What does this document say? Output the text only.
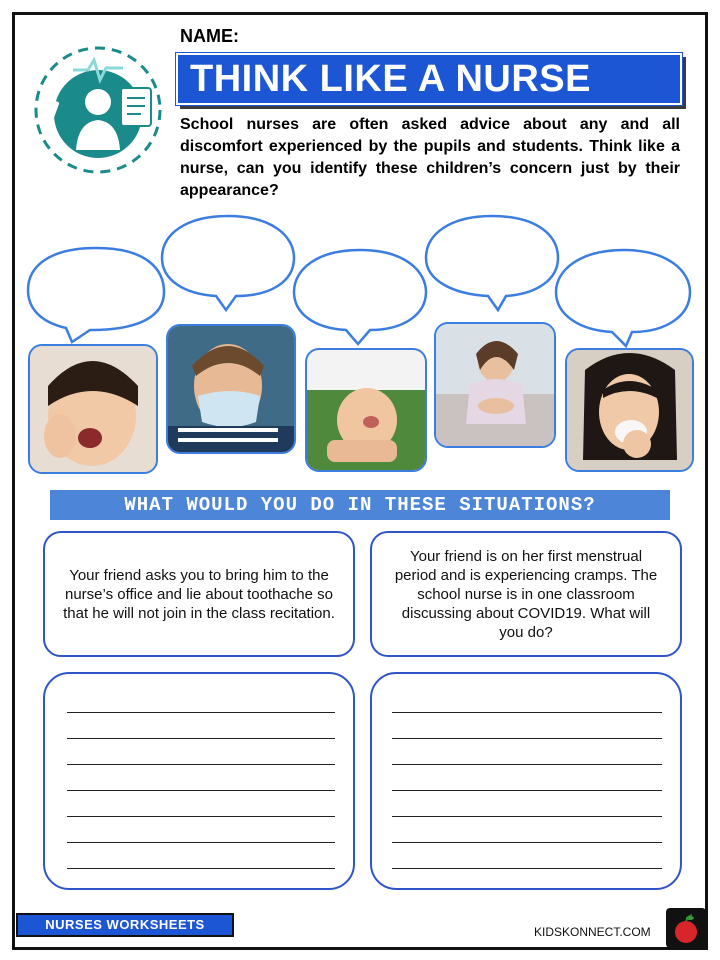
NAME:
THINK LIKE A NURSE
School nurses are often asked advice about any and all discomfort experienced by the pupils and students. Think like a nurse, can you identify these children’s concern just by their appearance?
WHAT WOULD YOU DO IN THESE SITUATIONS?
Your friend asks you to bring him to the nurse’s office and lie about toothache so that he will not join in the class recitation.
Your friend is on her first menstrual period and is experiencing cramps. The school nurse is in one classroom discussing about COVID19. What will you do?
NURSES WORKSHEETS	KIDSKONNECT.COM
